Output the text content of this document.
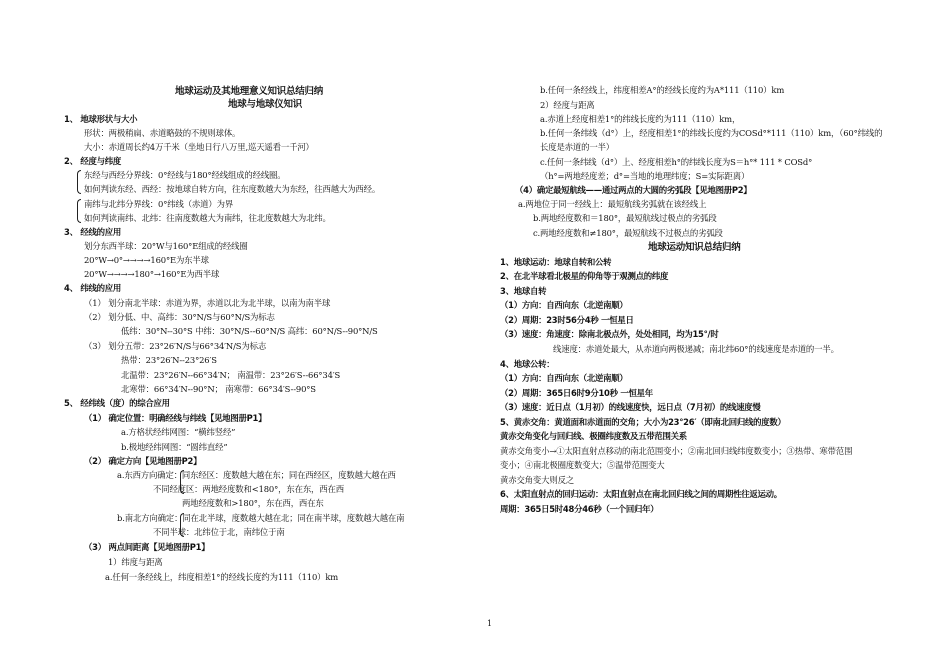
地球运动及其地理意义知识总结归纳
地球与地球仪知识
1、 地球形状与大小
形状：两极稍扁、赤道略鼓的不规则球体。
大小：赤道周长约4万千米（坐地日行八万里,巡天遥看一千河）
2、 经度与纬度
东经与西经分界线：0°经线与180°经线组成的经线圈。
如何判读东经、西经：按地球自转方向，往东度数越大为东经，往西越大为西经。
南纬与北纬分界线：0°纬线（赤道）为界
如何判读南纬、北纬：往南度数越大为南纬，往北度数越大为北纬。
3、 经线的应用
划分东西半球：20°W与160°E组成的经线圈
20°W→0°→→→→160°E为东半球
20°W→→→→180°→160°E为西半球
4、 纬线的应用
（1） 划分南北半球：赤道为界，赤道以北为北半球，以南为南半球
（2） 划分低、中、高纬：30°N/S与60°N/S为标志
低纬：30°N--30°S 中纬：30°N/S--60°N/S 高纬：60°N/S--90°N/S
（3） 划分五带：23°26′N/S与66°34′N/S为标志
热带：23°26′N--23°26′S
北温带：23°26′N--66°34′N； 南温带：23°26′S--66°34′S
北寒带：66°34′N--90°N； 南寒带：66°34′S--90°S
5、 经纬线（度）的综合应用
（1） 确定位置：明确经线与纬线【见地图册P1】
a.方格状经纬网图：“横纬竖经”
b.极地经纬网图：“圆纬直经”
（2） 确定方向【见地图册P2】
a.东西方向确定：同东经区：度数越大越在东；同在西经区，度数越大越在西
不同经度区：两地经度数和<180°，东在东，西在西
两地经度数和>180°，东在西，西在东
b.南北方向确定：同在北半球，度数越大越在北；同在南半球，度数越大越在南
不同半球：北纬位于北，南纬位于南
（3） 两点间距离【见地图册P1】
1）纬度与距离
a.任何一条经线上，纬度相差1°的经线长度约为111（110）km
b.任何一条经线上，纬度相差A°的经线长度约为A*111（110）km
2）经度与距离
a.赤道上经度相差1°的纬线长度约为111（110）km，
b.任何一条纬线（d°）上，经度相差1°的纬线长度约为COSd°*111（110）km，（60°纬线的
长度是赤道的一半）
c.任何一条纬线（d°）上、经度相差h°的纬线长度为S＝h°* 111 * COSd°
（h°=两地经度差；d°=当地的地理纬度；S=实际距离）
（4）确定最短航线——通过两点的大圆的劣弧段【见地图册P2】
a.两地位于同一经线上：最短航线劣弧就在该经线上
b.两地经度数和＝180°，最短航线过极点的劣弧段
c.两地经度数和≠180°，最短航线不过极点的劣弧段
地球运动知识总结归纳
1、地球运动：地球自转和公转
2、在北半球看北极星的仰角等于观测点的纬度
3、地球自转
（1）方向：自西向东（北逆南顺）
（2）周期：23时56分4秒 一恒星日
（3）速度：角速度：除南北极点外，处处相同，均为15°/时
线速度：赤道处最大，从赤道向两极递减；南北纬60°的线速度是赤道的一半。
4、地球公转：
（1）方向：自西向东（北逆南顺）
（2）周期：365日6时9分10秒 一恒星年
（3）速度：近日点（1月初）的线速度快，远日点（7月初）的线速度慢
5、黄赤交角：黄道面和赤道面的交角；大小为23°26′（即南北回归线的度数）
黄赤交角变化与回归线、极圈纬度数及五带范围关系
黄赤交角变小→①太阳直射点移动的南北范围变小；②南北回归线纬度数变小；③热带、寒带范围
变小；④南北极圈度数变大；⑤温带范围变大
黄赤交角变大则反之
6、太阳直射点的回归运动：太阳直射点在南北回归线之间的周期性往返运动。
周期：365日5时48分46秒（一个回归年）
1
